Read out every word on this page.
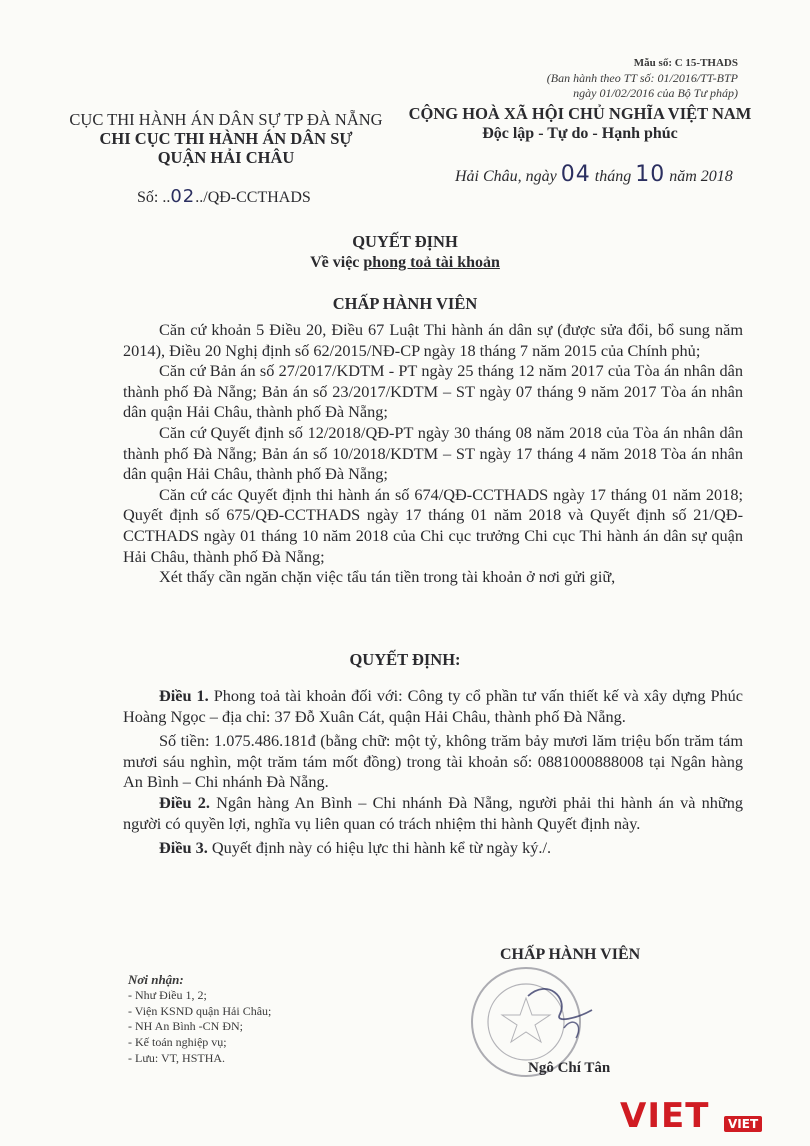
Mẫu số: C 15-THADS
(Ban hành theo TT số: 01/2016/TT-BTP
ngày 01/02/2016 của Bộ Tư pháp)
CỤC THI HÀNH ÁN DÂN SỰ TP ĐÀ NẴNG
CHI CỤC THI HÀNH ÁN DÂN SỰ
QUẬN HẢI CHÂU
CỘNG HOÀ XÃ HỘI CHỦ NGHĨA VIỆT NAM
Độc lập - Tự do - Hạnh phúc
Hải Châu, ngày 04 tháng 10 năm 2018
Số: ..02../QĐ-CCTHADS
QUYẾT ĐỊNH
Về việc phong toả tài khoản
CHẤP HÀNH VIÊN

Căn cứ khoản 5 Điều 20, Điều 67 Luật Thi hành án dân sự (được sửa đổi, bổ sung năm 2014), Điều 20 Nghị định số 62/2015/NĐ-CP ngày 18 tháng 7 năm 2015 của Chính phủ;

Căn cứ Bản án số 27/2017/KDTM - PT ngày 25 tháng 12 năm 2017 của Tòa án nhân dân thành phố Đà Nẵng; Bản án số 23/2017/KDTM – ST ngày 07 tháng 9 năm 2017 Tòa án nhân dân quận Hải Châu, thành phố Đà Nẵng;

Căn cứ Quyết định số 12/2018/QĐ-PT ngày 30 tháng 08 năm 2018 của Tòa án nhân dân thành phố Đà Nẵng; Bản án số 10/2018/KDTM – ST ngày 17 tháng 4 năm 2018 Tòa án nhân dân quận Hải Châu, thành phố Đà Nẵng;

Căn cứ các Quyết định thi hành án số 674/QĐ-CCTHADS ngày 17 tháng 01 năm 2018; Quyết định số 675/QĐ-CCTHADS ngày 17 tháng 01 năm 2018 và Quyết định số 21/QĐ-CCTHADS ngày 01 tháng 10 năm 2018 của Chi cục trưởng Chi cục Thi hành án dân sự quận Hải Châu, thành phố Đà Nẵng;

Xét thấy cần ngăn chặn việc tẩu tán tiền trong tài khoản ở nơi gửi giữ,

QUYẾT ĐỊNH:

Điều 1. Phong toả tài khoản đối với: Công ty cổ phần tư vấn thiết kế và xây dựng Phúc Hoàng Ngọc – địa chỉ: 37 Đỗ Xuân Cát, quận Hải Châu, thành phố Đà Nẵng.

Số tiền: 1.075.486.181đ (bằng chữ: một tỷ, không trăm bảy mươi lăm triệu bốn trăm tám mươi sáu nghìn, một trăm tám mốt đồng) trong tài khoản số: 0881000888008 tại Ngân hàng An Bình – Chi nhánh Đà Nẵng.

Điều 2. Ngân hàng An Bình – Chi nhánh Đà Nẵng, người phải thi hành án và những người có quyền lợi, nghĩa vụ liên quan có trách nhiệm thi hành Quyết định này.

Điều 3. Quyết định này có hiệu lực thi hành kể từ ngày ký./.

CHẤP HÀNH VIÊN
Ngô Chí Tân
Nơi nhận:
- Như Điều 1, 2;
- Viện KSND quận Hải Châu;
- NH An Bình -CN ĐN;
- Kế toán nghiệp vụ;
- Lưu: VT, HSTHA.
VIET	VIET
